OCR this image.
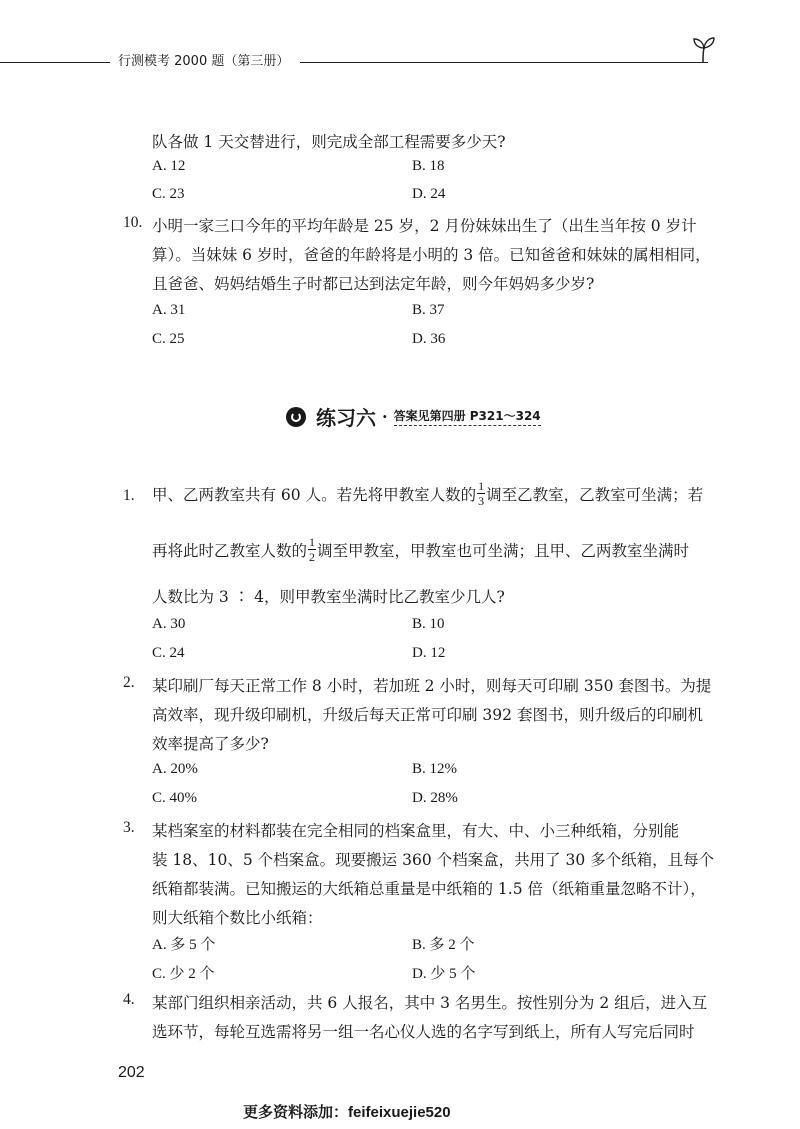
行测模考 2000 题（第三册）
队各做 1 天交替进行，则完成全部工程需要多少天?
A. 12	B. 18
C. 23	D. 24
10. 小明一家三口今年的平均年龄是 25 岁，2 月份妹妹出生了（出生当年按 0 岁计
算）。当妹妹 6 岁时，爸爸的年龄将是小明的 3 倍。已知爸爸和妹妹的属相相同，
且爸爸、妈妈结婚生子时都已达到法定年龄，则今年妈妈多少岁?
A. 31	B. 37
C. 25	D. 36
练习六 · 答案见第四册 P321～324
1. 甲、乙两教室共有 60 人。若先将甲教室人数的 $\frac{1}{3}$ 调至乙教室，乙教室可坐满；若
再将此时乙教室人数的 $\frac{1}{2}$ 调至甲教室，甲教室也可坐满；且甲、乙两教室坐满时
人数比为 3 ∶ 4，则甲教室坐满时比乙教室少几人?
A. 30	B. 10
C. 24	D. 12
2. 某印刷厂每天正常工作 8 小时，若加班 2 小时，则每天可印刷 350 套图书。为提
高效率，现升级印刷机，升级后每天正常可印刷 392 套图书，则升级后的印刷机
效率提高了多少?
A. 20%	B. 12%
C. 40%	D. 28%
3. 某档案室的材料都装在完全相同的档案盒里，有大、中、小三种纸箱，分别能
装 18、10、5 个档案盒。现要搬运 360 个档案盒，共用了 30 多个纸箱，且每个
纸箱都装满。已知搬运的大纸箱总重量是中纸箱的 1.5 倍（纸箱重量忽略不计），
则大纸箱个数比小纸箱：
A. 多 5 个	B. 多 2 个
C. 少 2 个	D. 少 5 个
4. 某部门组织相亲活动，共 6 人报名，其中 3 名男生。按性别分为 2 组后，进入互
选环节，每轮互选需将另一组一名心仪人选的名字写到纸上，所有人写完后同时
202
更多资料添加：feifeixuejie520
